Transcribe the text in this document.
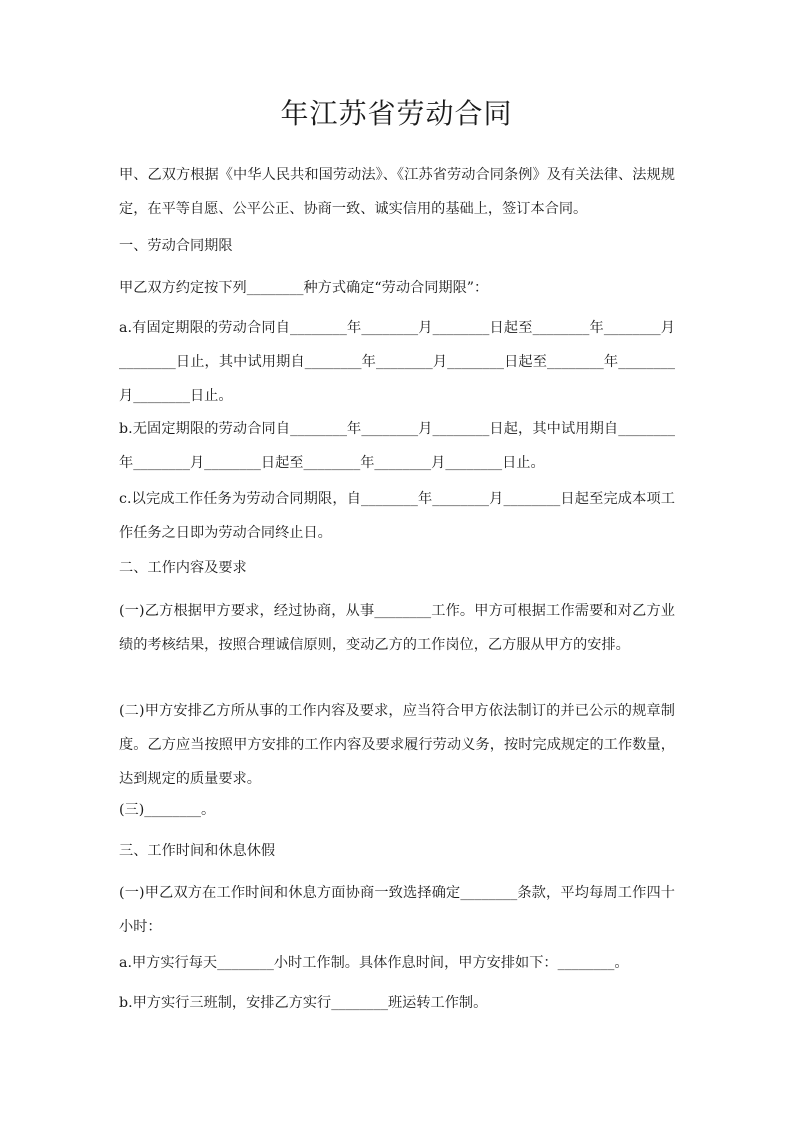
年江苏省劳动合同

甲、乙双方根据《中华人民共和国劳动法》、《江苏省劳动合同条例》及有关法律、法规规定，在平等自愿、公平公正、协商一致、诚实信用的基础上，签订本合同。

一、劳动合同期限

甲乙双方约定按下列________种方式确定“劳动合同期限”：

a.有固定期限的劳动合同自________年________月________日起至________年________月________日止，其中试用期自________年________月________日起至________年________月________日止。

b.无固定期限的劳动合同自________年________月________日起，其中试用期自________年________月________日起至________年________月________日止。

c.以完成工作任务为劳动合同期限，自________年________月________日起至完成本项工作任务之日即为劳动合同终止日。

二、工作内容及要求

(一)乙方根据甲方要求，经过协商，从事________工作。甲方可根据工作需要和对乙方业绩的考核结果，按照合理诚信原则，变动乙方的工作岗位，乙方服从甲方的安排。

(二)甲方安排乙方所从事的工作内容及要求，应当符合甲方依法制订的并已公示的规章制度。乙方应当按照甲方安排的工作内容及要求履行劳动义务，按时完成规定的工作数量，达到规定的质量要求。

(三)________。

三、工作时间和休息休假

(一)甲乙双方在工作时间和休息方面协商一致选择确定________条款，平均每周工作四十小时：

a.甲方实行每天________小时工作制。具体作息时间，甲方安排如下：________。

b.甲方实行三班制，安排乙方实行________班运转工作制。
